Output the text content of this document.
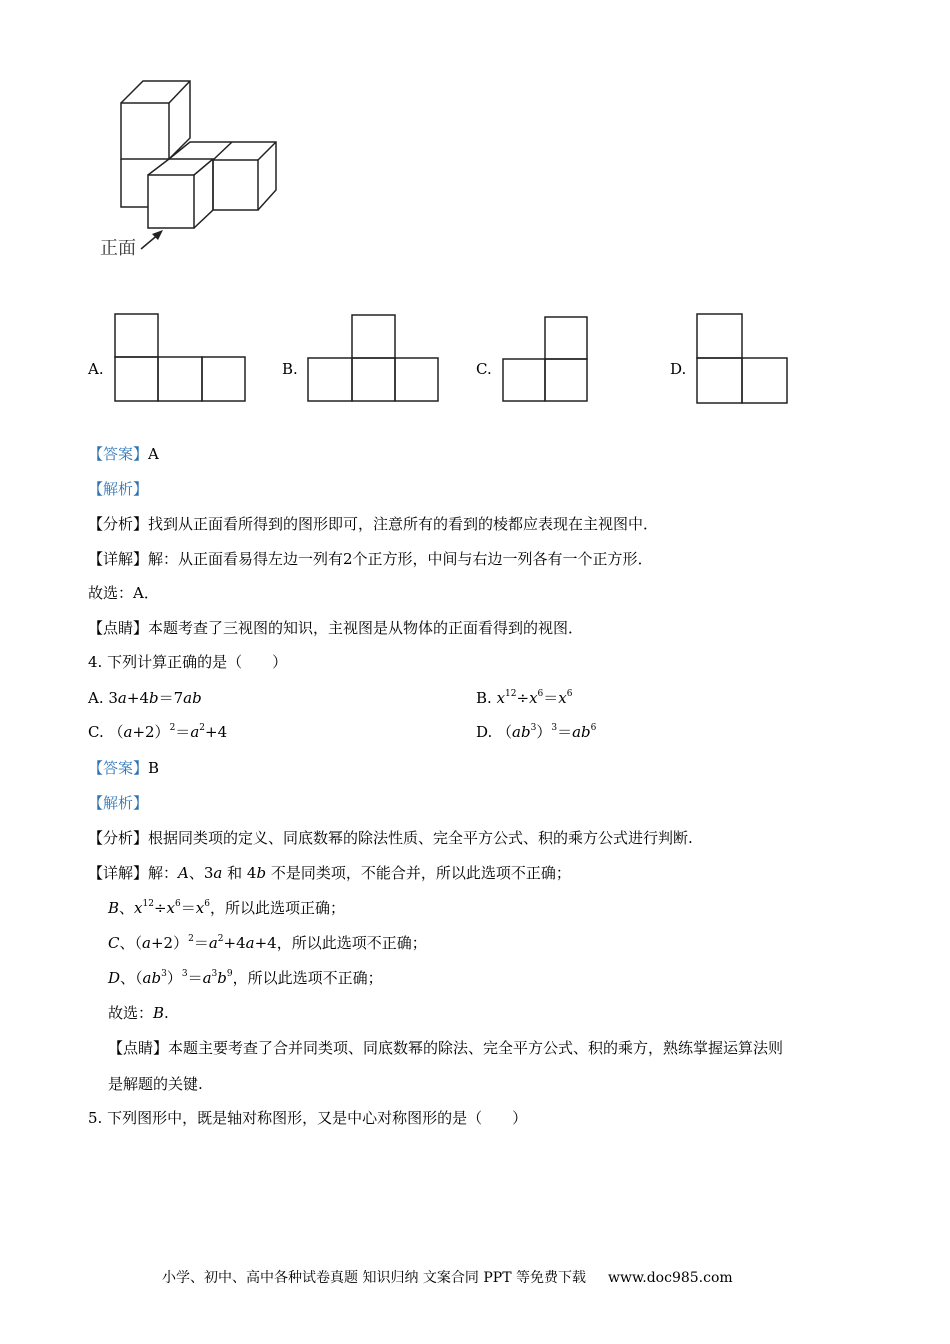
正面
A.	B.	C.	D.
【答案】A
【解析】
【分析】找到从正面看所得到的图形即可，注意所有的看到的棱都应表现在主视图中．
【详解】解：从正面看易得左边一列有2个正方形，中间与右边一列各有一个正方形．
故选：A．
【点睛】本题考查了三视图的知识，主视图是从物体的正面看得到的视图．
4. 下列计算正确的是（　　）
A. 3a+4b＝7ab	B. $x^{12}\div x^6=x^6$
C. $(a+2)^2=a^2+4$	D. $(ab^3)^3=ab^6$
【答案】B
【解析】
【分析】根据同类项的定义、同底数幂的除法性质、完全平方公式、积的乘方公式进行判断.
【详解】解：A、3a 和 4b 不是同类项，不能合并，所以此选项不正确；
B、$x^{12}\div x^6=x^6$，所以此选项正确；
C、$(a+2)^2=a^2+4a+4$，所以此选项不正确；
D、$(ab^3)^3=a^3b^9$，所以此选项不正确；
故选：B.
【点睛】本题主要考查了合并同类项、同底数幂的除法、完全平方公式、积的乘方，熟练掌握运算法则
是解题的关键.
5. 下列图形中，既是轴对称图形，又是中心对称图形的是（　　）
小学、初中、高中各种试卷真题 知识归纳 文案合同 PPT 等免费下载 www.doc985.com
